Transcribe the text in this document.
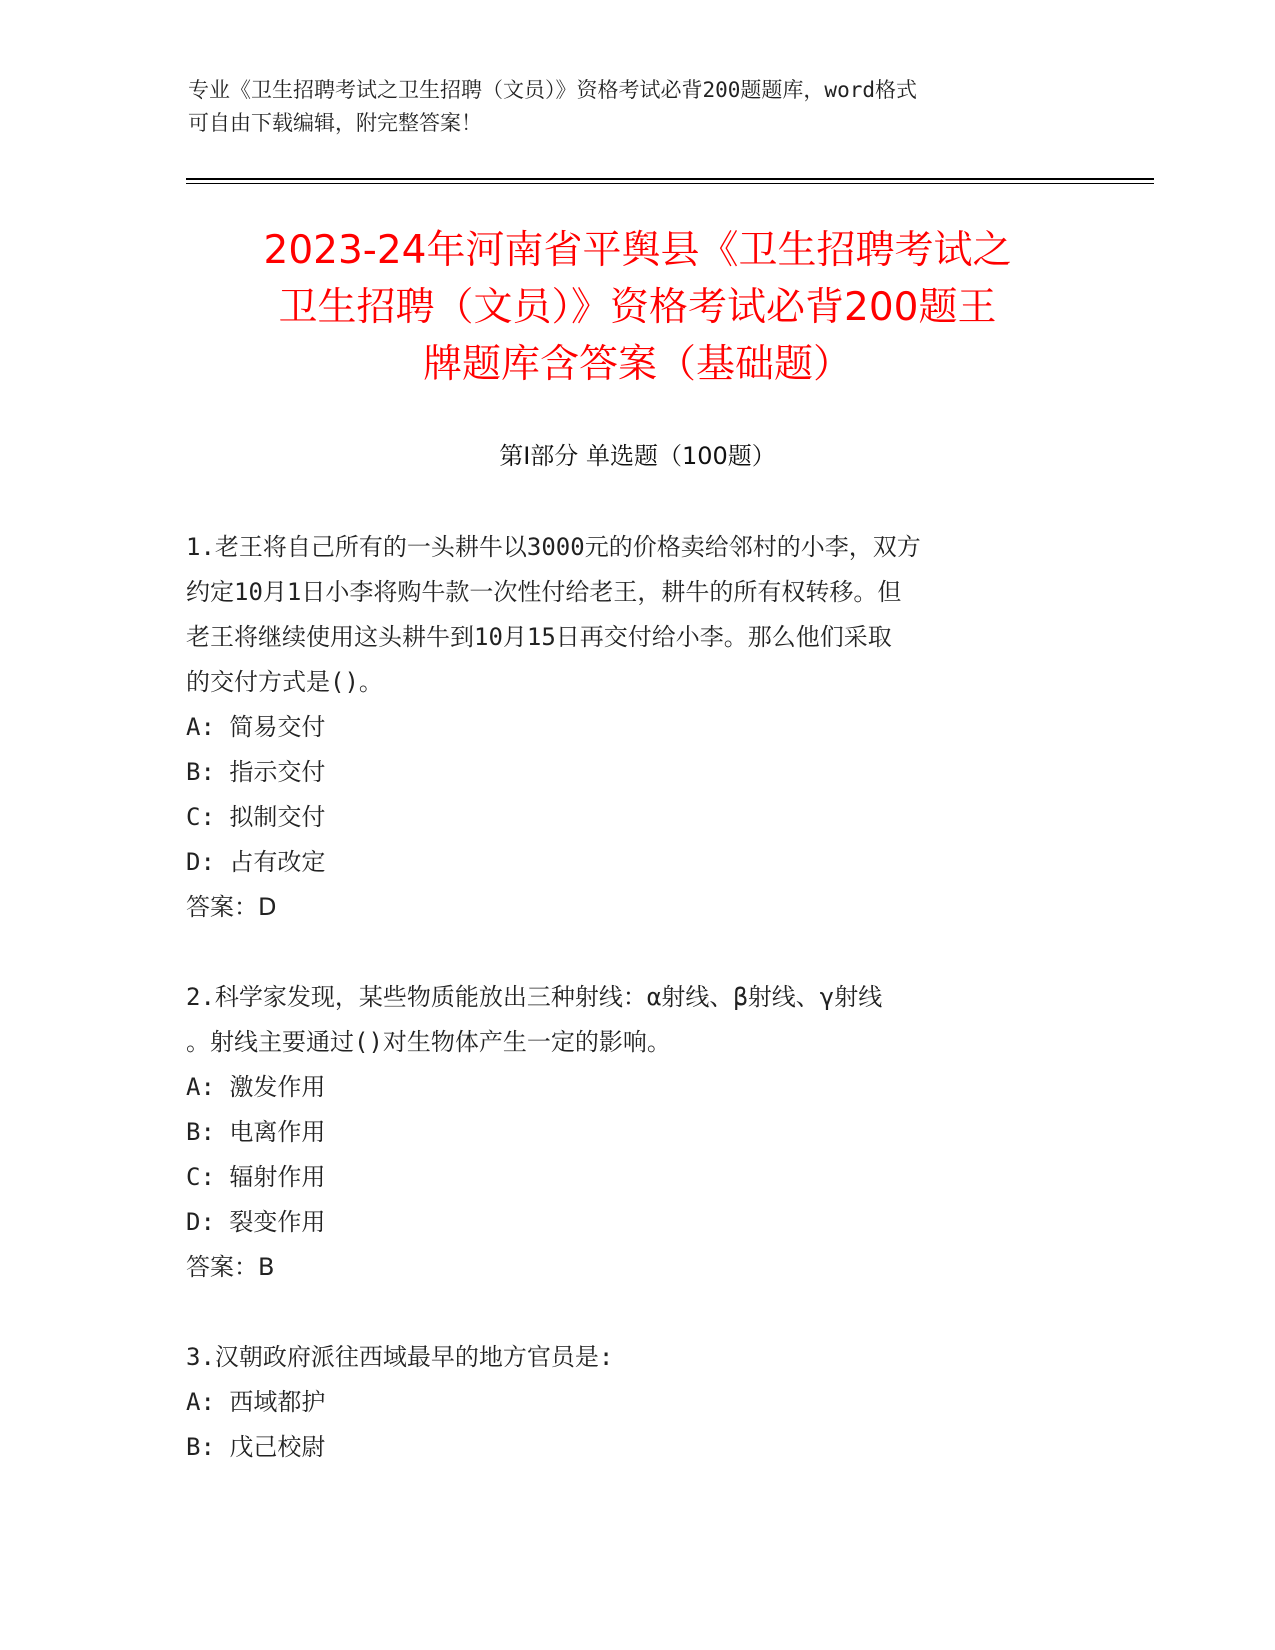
专业《卫生招聘考试之卫生招聘（文员）》资格考试必背200题题库，word格式
可自由下载编辑，附完整答案！
2023-24年河南省平舆县《卫生招聘考试之
卫生招聘（文员）》资格考试必背200题王
牌题库含答案（基础题）
第Ⅰ部分 单选题（100题）
1.老王将自己所有的一头耕牛以3000元的价格卖给邻村的小李，双方
约定10月1日小李将购牛款一次性付给老王，耕牛的所有权转移。但
老王将继续使用这头耕牛到10月15日再交付给小李。那么他们采取
的交付方式是()。
A: 简易交付
B: 指示交付
C: 拟制交付
D: 占有改定
答案：D
2.科学家发现，某些物质能放出三种射线：α射线、β射线、γ射线
。射线主要通过()对生物体产生一定的影响。
A: 激发作用
B: 电离作用
C: 辐射作用
D: 裂变作用
答案：B
3.汉朝政府派往西域最早的地方官员是:
A: 西域都护
B: 戊己校尉
